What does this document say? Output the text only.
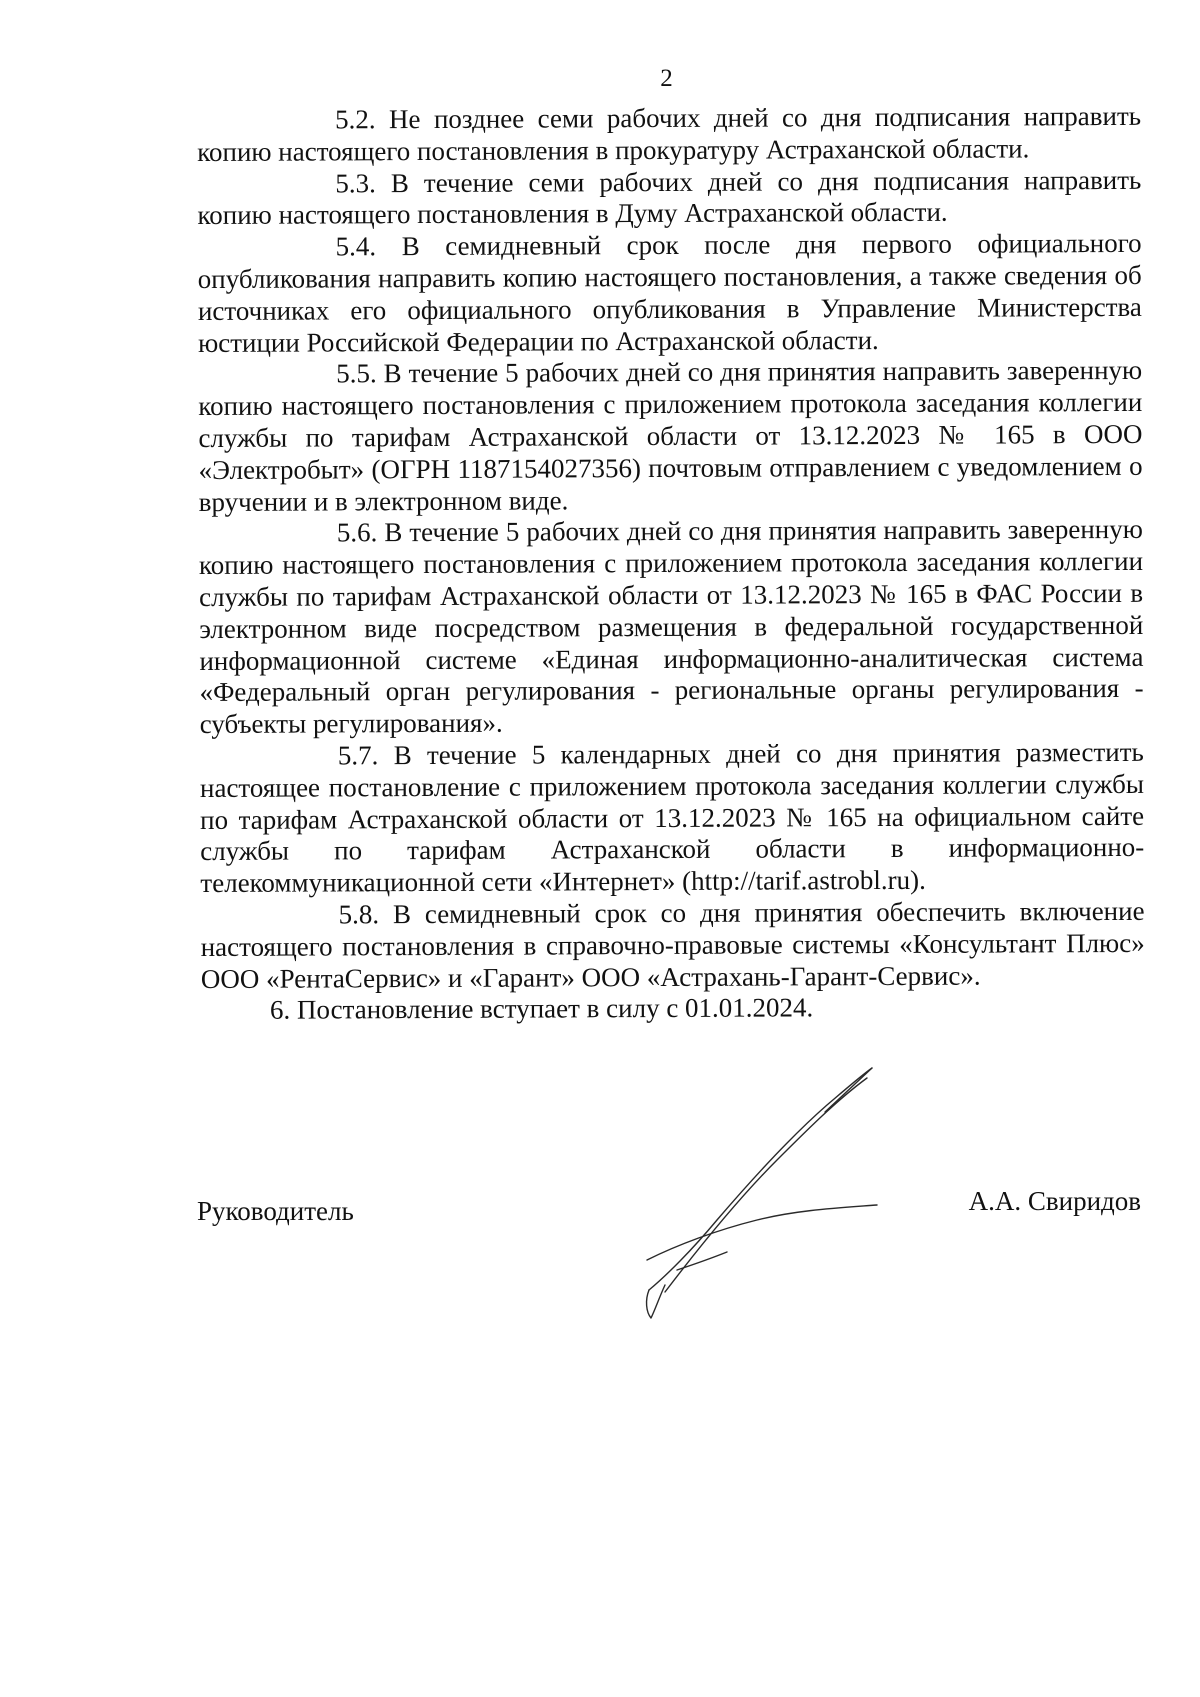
2

5.2. Не позднее семи рабочих дней со дня подписания направить копию настоящего постановления в прокуратуру Астраханской области.

5.3. В течение семи рабочих дней со дня подписания направить копию настоящего постановления в Думу Астраханской области.

5.4. В семидневный срок после дня первого официального опубликования направить копию настоящего постановления, а также сведения об источниках его официального опубликования в Управление Министерства юстиции Российской Федерации по Астраханской области.

5.5. В течение 5 рабочих дней со дня принятия направить заверенную копию настоящего постановления с приложением протокола заседания коллегии службы по тарифам Астраханской области от 13.12.2023 № 165 в ООО «Электробыт» (ОГРН 1187154027356) почтовым отправлением с уведомлением о вручении и в электронном виде.

5.6. В течение 5 рабочих дней со дня принятия направить заверенную копию настоящего постановления с приложением протокола заседания коллегии службы по тарифам Астраханской области от 13.12.2023 № 165 в ФАС России в электронном виде посредством размещения в федеральной государственной информационной системе «Единая информационно-аналитическая система «Федеральный орган регулирования - региональные органы регулирования - субъекты регулирования».

5.7. В течение 5 календарных дней со дня принятия разместить настоящее постановление с приложением протокола заседания коллегии службы по тарифам Астраханской области от 13.12.2023 № 165 на официальном сайте службы по тарифам Астраханской области в информационно-телекоммуникационной сети «Интернет» (http://tarif.astrobl.ru).

5.8. В семидневный срок со дня принятия обеспечить включение настоящего постановления в справочно-правовые системы «Консультант Плюс» ООО «РентаСервис» и «Гарант» ООО «Астрахань-Гарант-Сервис».

6. Постановление вступает в силу с 01.01.2024.

Руководитель	А.А. Свиридов
